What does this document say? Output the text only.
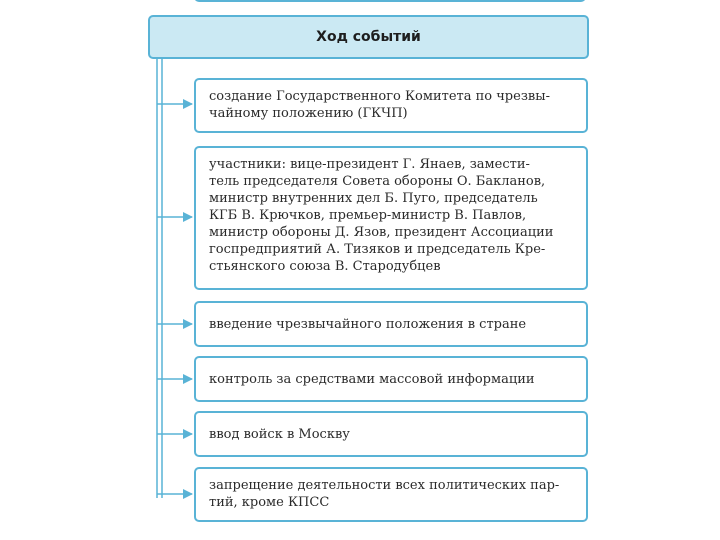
Ход событий

создание Государственного Комитета по чрезвы-
чайному положению (ГКЧП)

участники: вице-президент Г. Янаев, замести-
тель председателя Совета обороны О. Бакланов,
министр внутренних дел Б. Пуго, председатель
КГБ В. Крючков, премьер-министр В. Павлов,
министр обороны Д. Язов, президент Ассоциации
госпредприятий А. Тизяков и председатель Кре-
стьянского союза В. Стародубцев

введение чрезвычайного положения в стране

контроль за средствами массовой информации

ввод войск в Москву

запрещение деятельности всех политических пар-
тий, кроме КПСС
